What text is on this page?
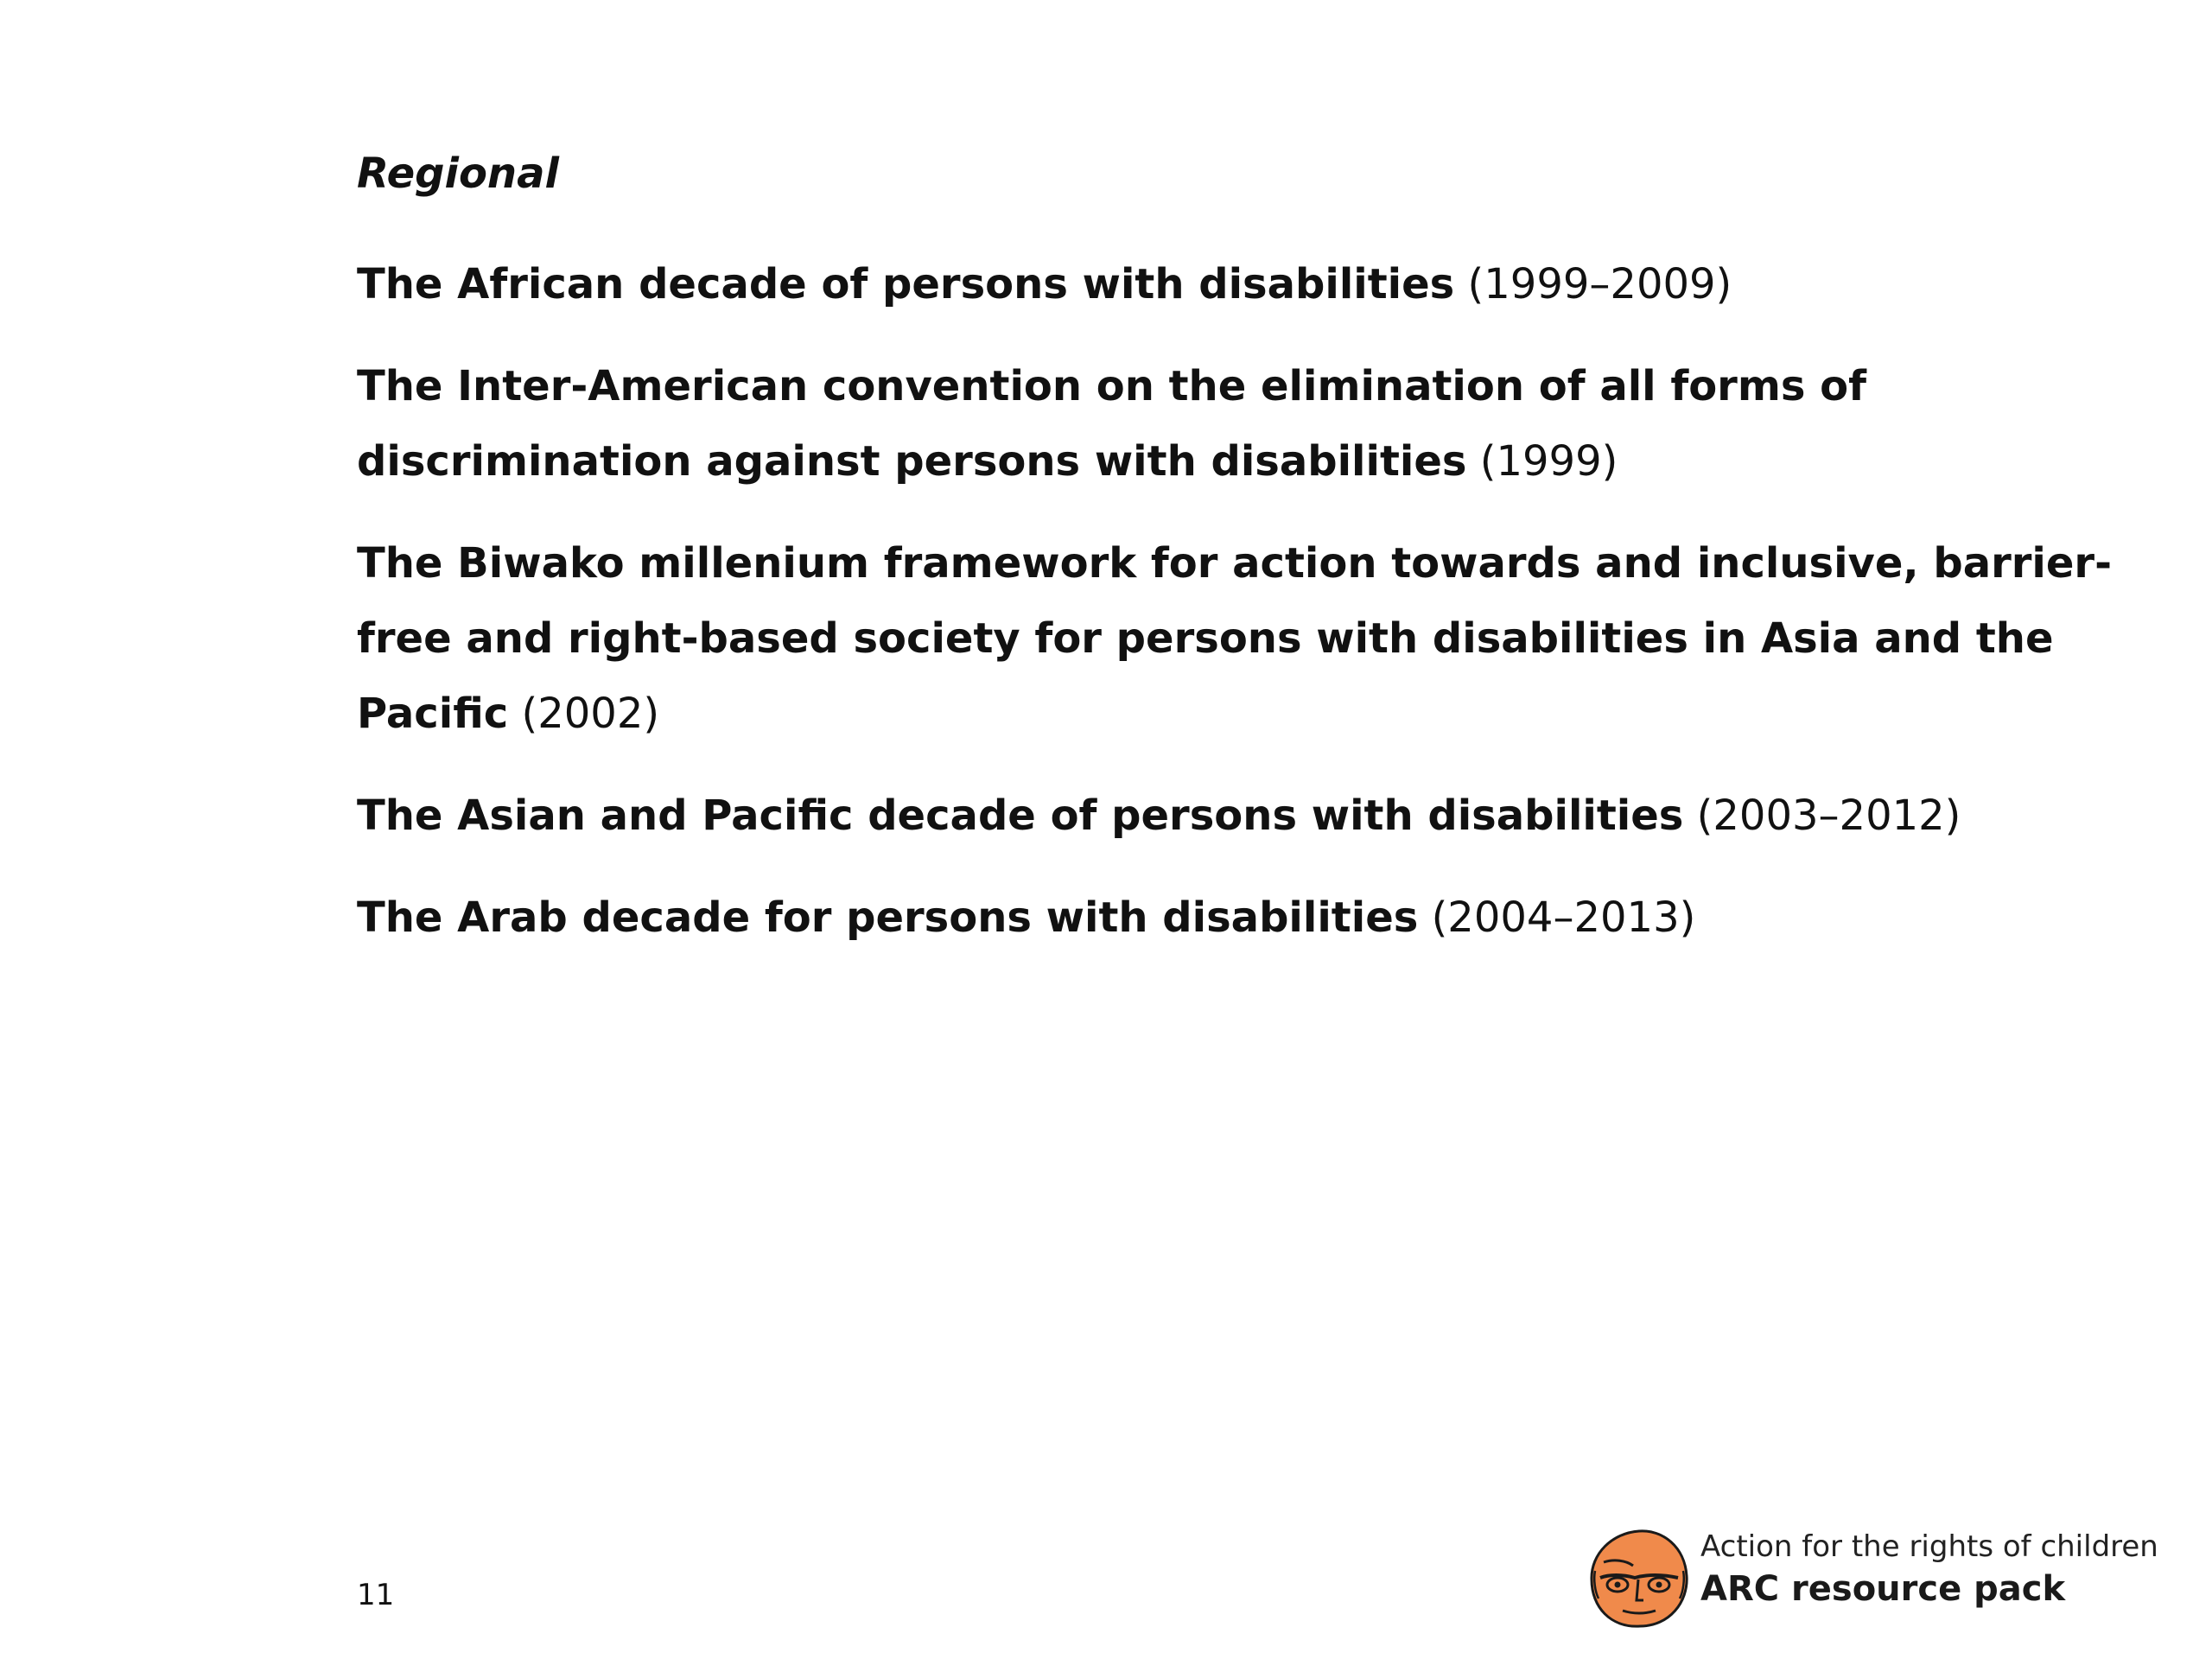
Regional
The African decade of persons with disabilities (1999–2009)
The Inter-American convention on the elimination of all forms of discrimination against persons with disabilities (1999)
The Biwako millenium framework for action towards and inclusive, barrier-free and right-based society for persons with disabilities in Asia and the Pacific (2002)
The Asian and Pacific decade of persons with disabilities (2003–2012)
The Arab decade for persons with disabilities (2004–2013)
11
Action for the rights of children
ARC resource pack
